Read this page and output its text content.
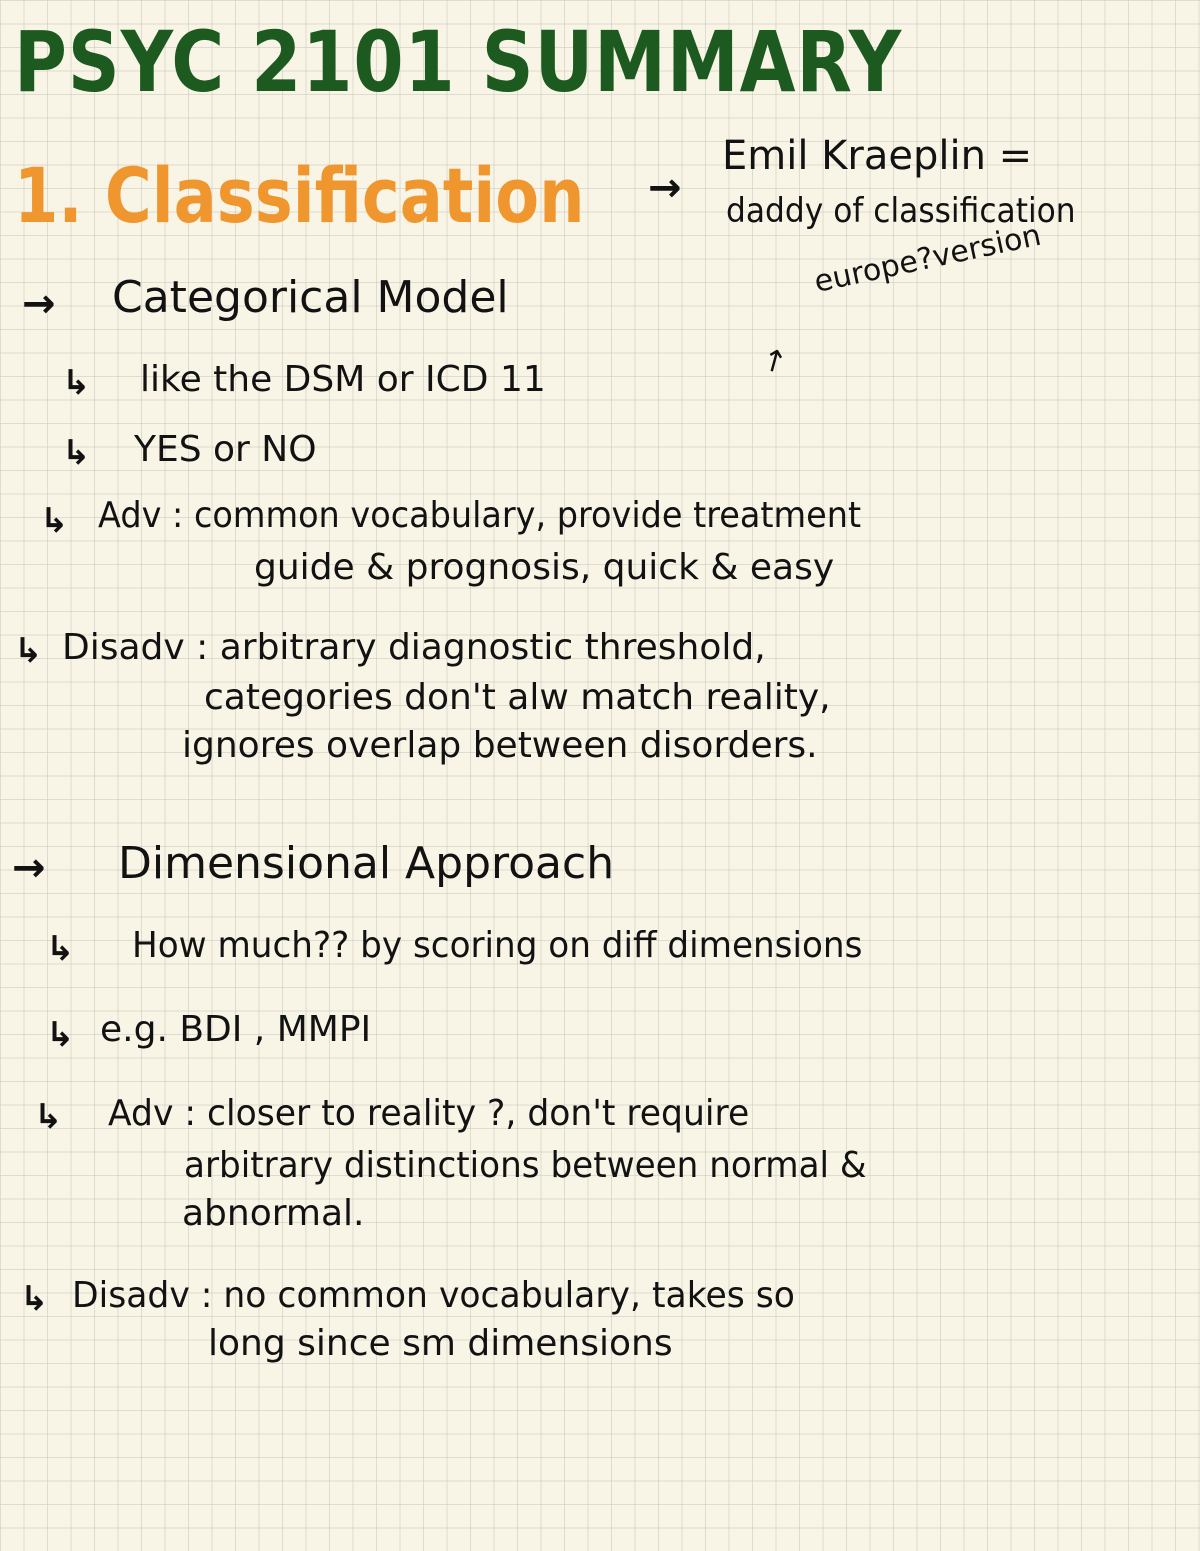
PSYC 2101 SUMMARY
1. Classification →
Emil Kraeplin =
daddy of classification
→ Categorical Model
↳ like the DSM or ICD 11	↗
europe?version
↳ YES or NO
↳ Adv : common vocabulary, provide treatment
guide & prognosis, quick & easy
↳ Disadv : arbitrary diagnostic threshold,
categories don't alw match reality,
ignores overlap between disorders.
→ Dimensional Approach
↳ How much?? by scoring on diff dimensions
↳ e.g. BDI , MMPI
↳ Adv : closer to reality ?, don't require
arbitrary distinctions between normal &
abnormal.
↳ Disadv : no common vocabulary, takes so
long since sm dimensions
